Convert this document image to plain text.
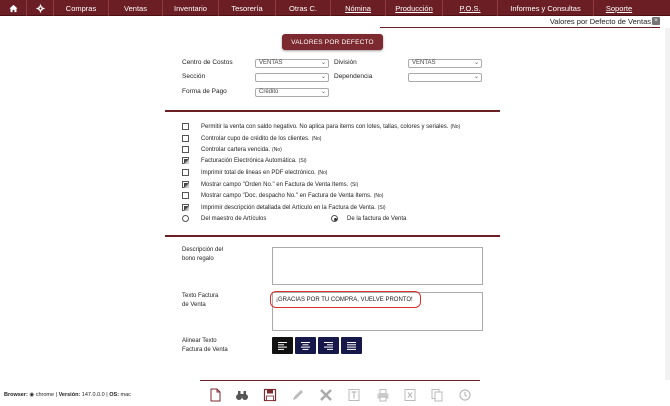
Compras	Ventas	Inventario	Tesorería	Otras C.	Nómina	Producción	P.O.S.	Informes y Consultas	Soporte
Valores por Defecto de Ventas ×
VALORES POR DEFECTO
Centro de Costos	VENTAS	⌄ División	VENTAS	⌄
Sección	⌄ Dependencia	⌄
Forma de Pago	Crédito	⌄
Permitir la venta con saldo negativo. No aplica para items con lotes, tallas, colores y seriales. (No)
Controlar cupo de crédito de los clientes. (No)
Controlar cartera vencida. (No)
Facturación Electrónica Automática. (Si)
Imprimir total de lineas en PDF electrónico. (No)
Mostrar campo "Orden No." en Factura de Venta Items. (Si)
Mostrar campo "Doc. despacho No." en Factura de Venta Items. (No)
Imprimir descripción detallada del Artículo en la Factura de Venta. (Si)
Del maestro de Artículos	De la factura de Venta
Descripción del
bono regalo
Texto Factura
de Venta
¡GRACIAS POR TU COMPRA, VUELVE PRONTO!
Alinear Texto
Factura de Venta
Browser: ◉ chrome | Versión: 147.0.0.0 | OS: mac
